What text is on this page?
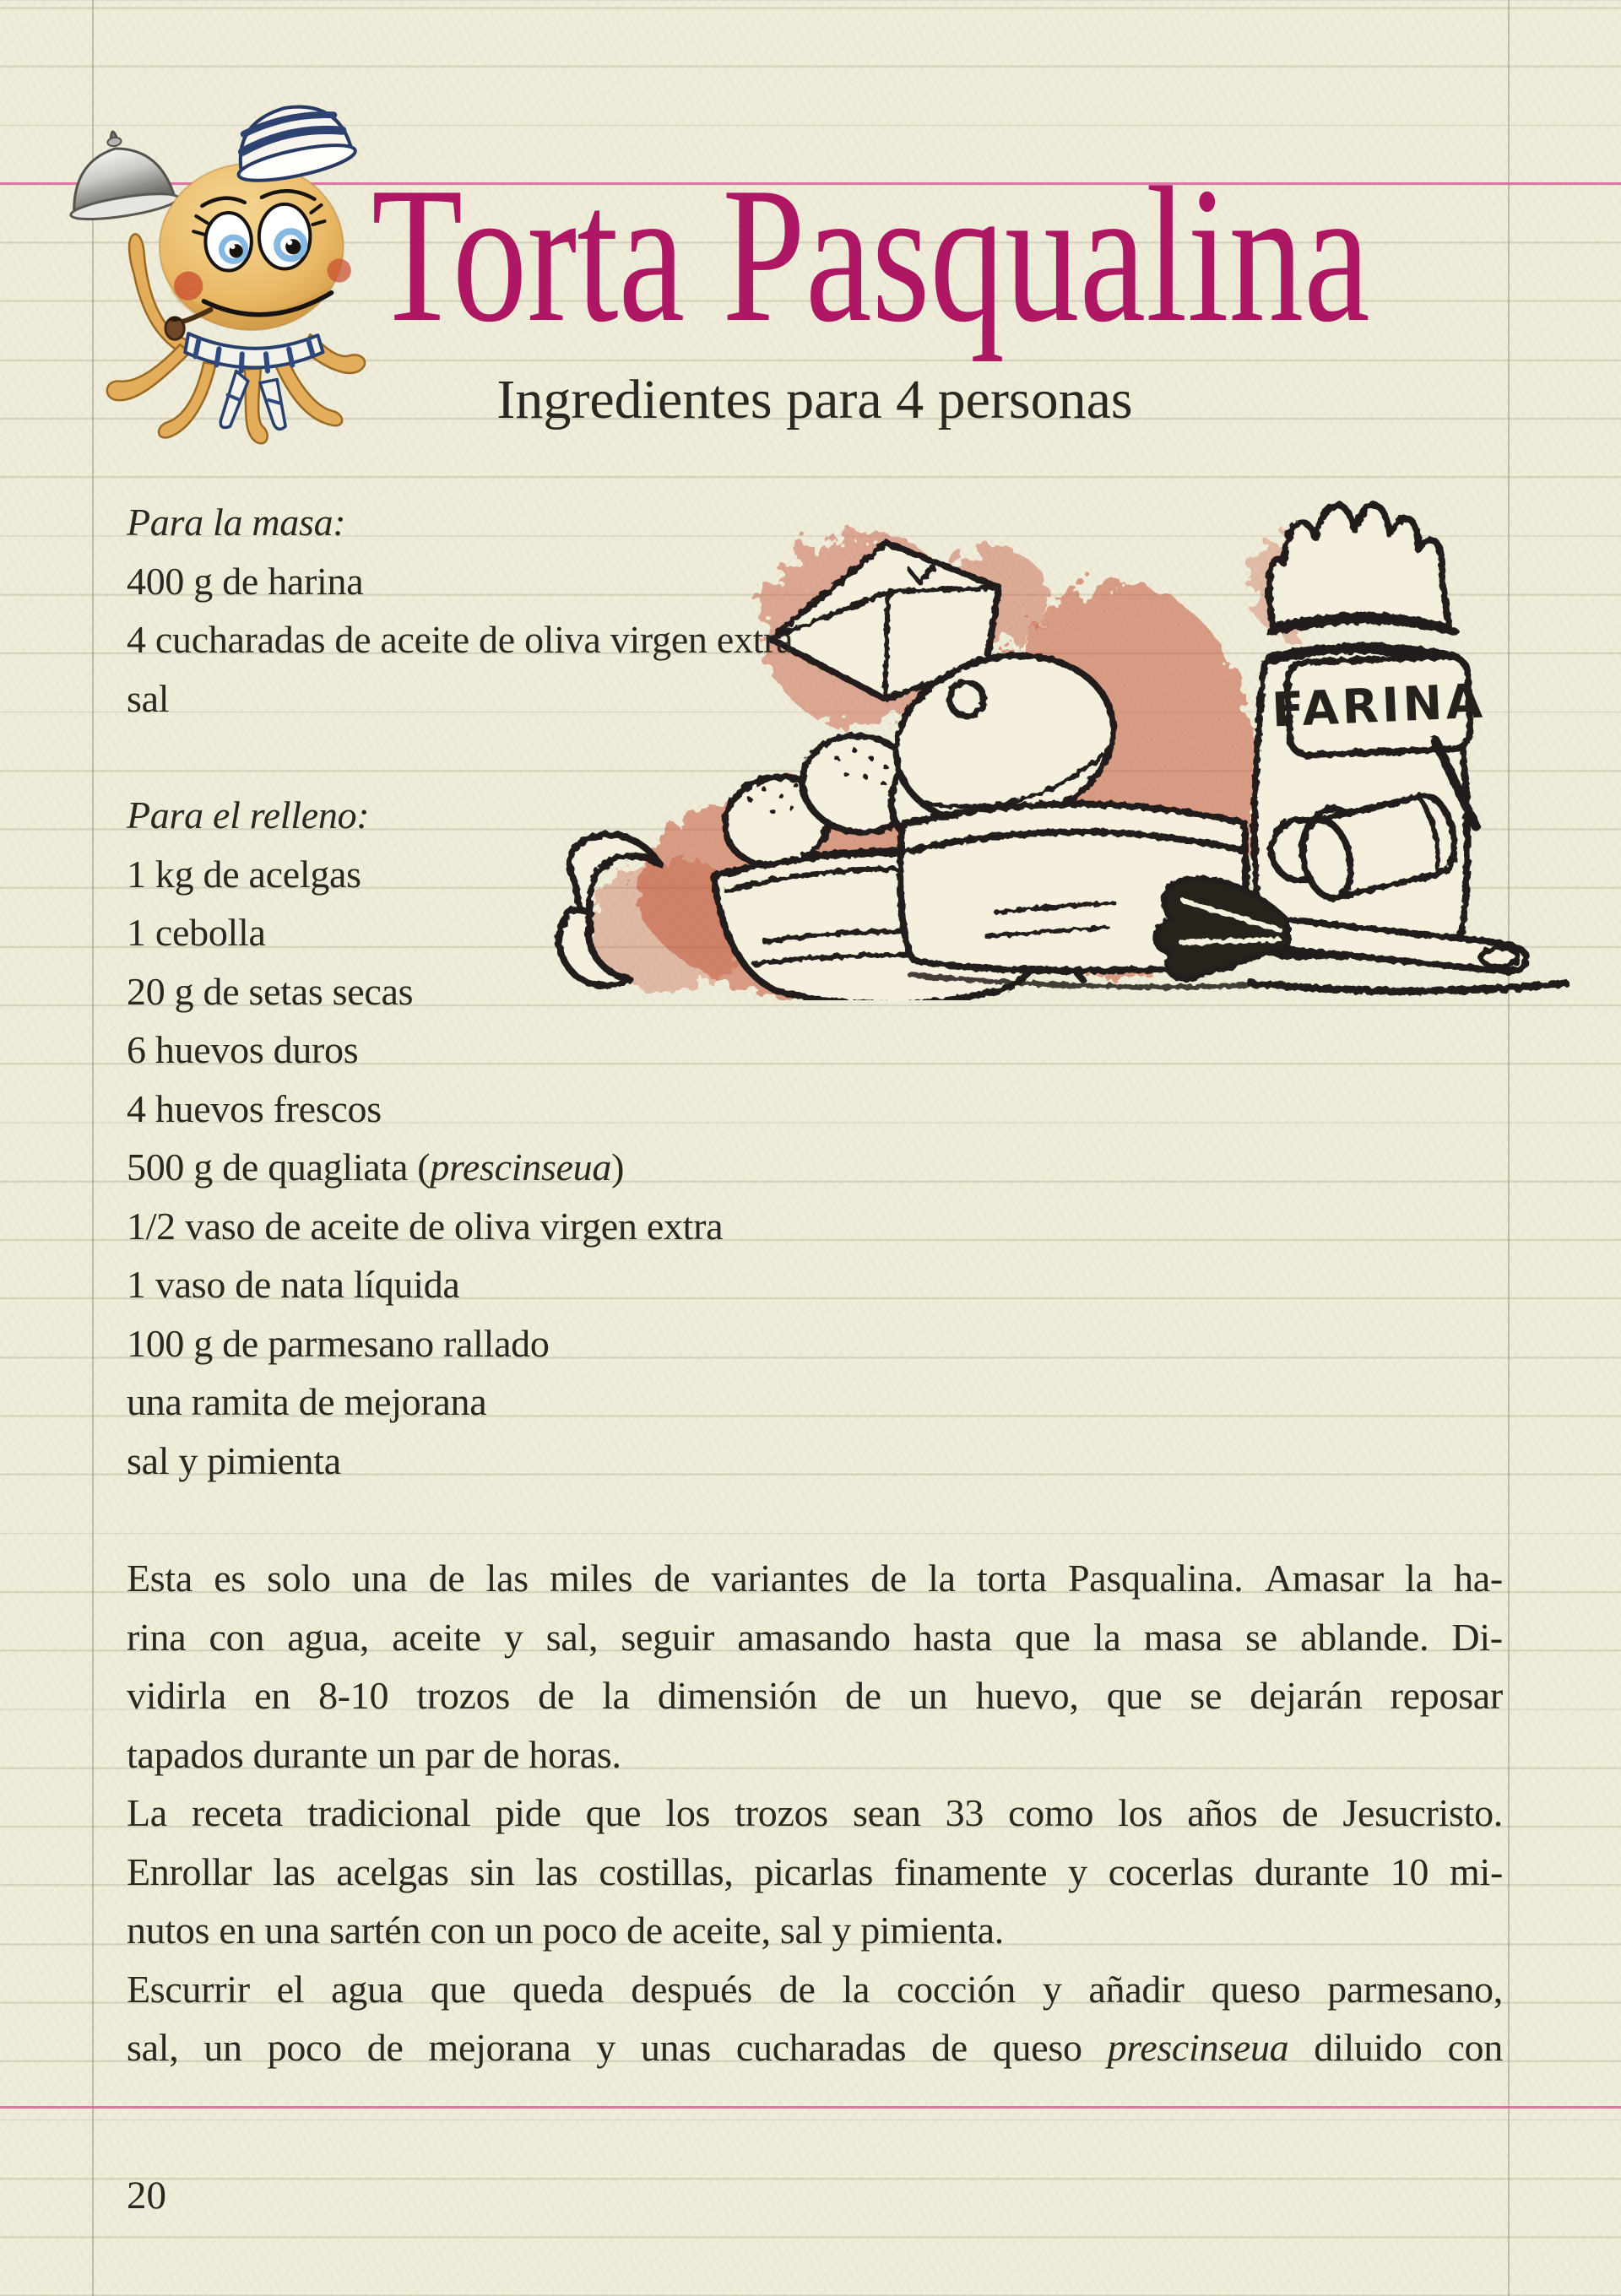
Torta Pasqualina
Ingredientes para 4 personas
FARINA
Para la masa:
400 g de harina
4 cucharadas de aceite de oliva virgen extra
sal
Para el relleno:
1 kg de acelgas
1 cebolla
20 g de setas secas
6 huevos duros
4 huevos frescos
500 g de quagliata (prescinseua)
1/2 vaso de aceite de oliva virgen extra
1 vaso de nata líquida
100 g de parmesano rallado
una ramita de mejorana
sal y pimienta
Esta es solo una de las miles de variantes de la torta Pasqualina. Amasar la ha-
rina con agua, aceite y sal, seguir amasando hasta que la masa se ablande. Di-
vidirla en 8-10 trozos de la dimensión de un huevo, que se dejarán reposar
tapados durante un par de horas.
La receta tradicional pide que los trozos sean 33 como los años de Jesucristo.
Enrollar las acelgas sin las costillas, picarlas finamente y cocerlas durante 10 mi-
nutos en una sartén con un poco de aceite, sal y pimienta.
Escurrir el agua que queda después de la cocción y añadir queso parmesano,
sal, un poco de mejorana y unas cucharadas de queso prescinseua diluido con
20
